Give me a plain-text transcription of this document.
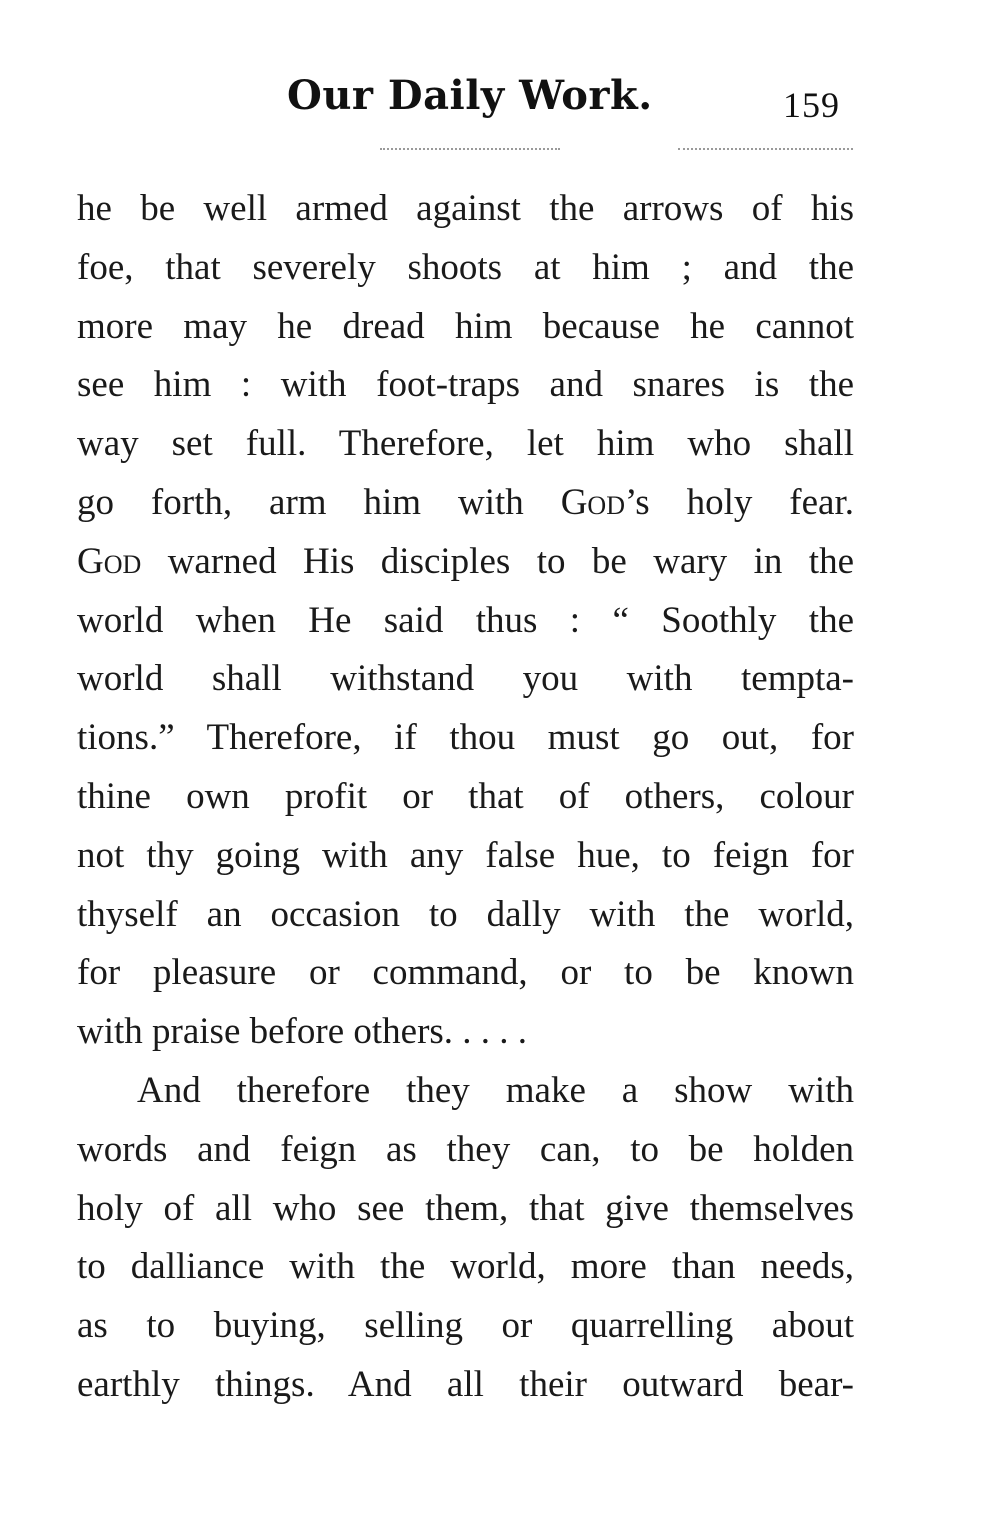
Our Daily Work.	159
he be well armed against the arrows of his
foe, that severely shoots at him ; and the
more may he dread him because he cannot
see him : with foot-traps and snares is the
way set full. Therefore, let him who shall
go forth, arm him with God’s holy fear.
God warned His disciples to be wary in the
world when He said thus : “ Soothly the
world shall withstand you with tempta-
tions.” Therefore, if thou must go out, for
thine own profit or that of others, colour
not thy going with any false hue, to feign for
thyself an occasion to dally with the world,
for pleasure or command, or to be known
with praise before others. . . . .
And therefore they make a show with
words and feign as they can, to be holden
holy of all who see them, that give themselves
to dalliance with the world, more than needs,
as to buying, selling or quarrelling about
earthly things. And all their outward bear-
